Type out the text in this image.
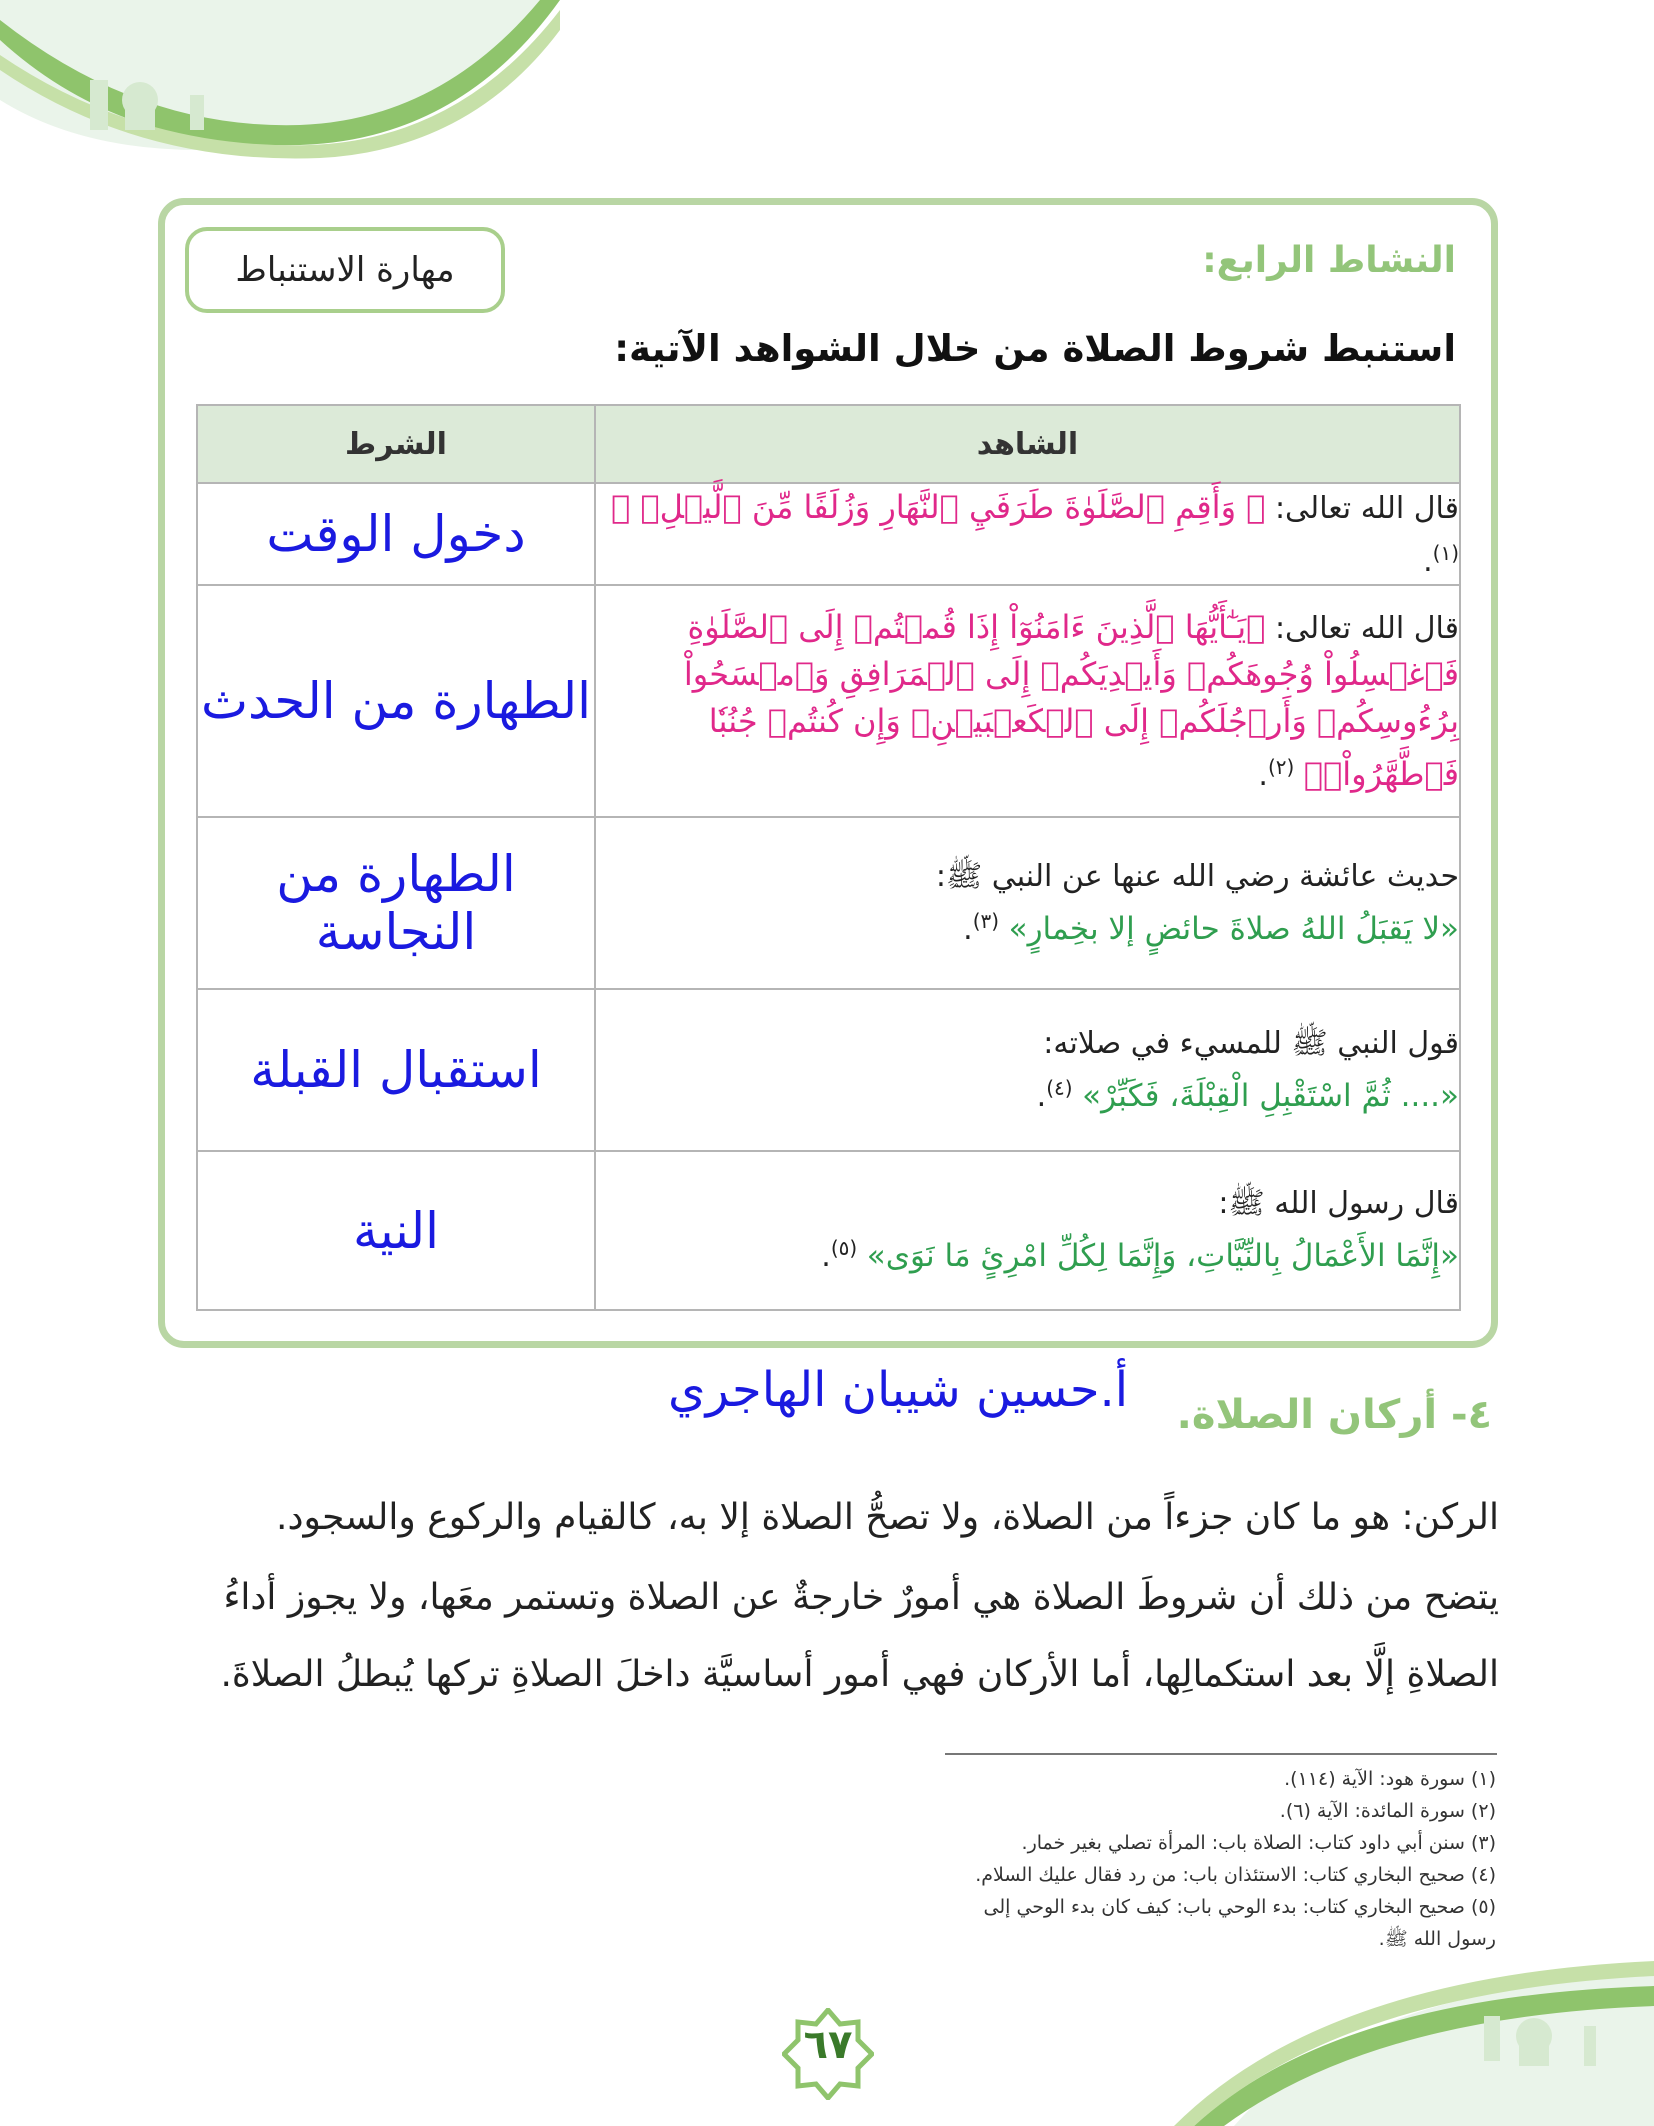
مهارة الاستنباط	النشاط الرابع:
استنبط شروط الصلاة من خلال الشواهد الآتية:
الشاهد	الشرط
قال الله تعالى: ﴿ وَأَقِمِ ٱلصَّلَوٰةَ طَرَفَيِ ٱلنَّهَارِ وَزُلَفًا مِّنَ ٱلَّيۡلِۚ ﴾ $^{(١)}$.	دخول الوقت
قال الله تعالى: ﴿يَـٰٓأَيُّهَا ٱلَّذِينَ ءَامَنُوٓاْ إِذَا قُمۡتُمۡ إِلَى ٱلصَّلَوٰةِ فَٱغۡسِلُواْ وُجُوهَكُمۡ وَأَيۡدِيَكُمۡ إِلَى ٱلۡمَرَافِقِ وَٱمۡسَحُواْ بِرُءُوسِكُمۡ وَأَرۡجُلَكُمۡ إِلَى ٱلۡكَعۡبَيۡنِۚ وَإِن كُنتُمۡ جُنُبٗا فَٱطَّهَّرُواْۚ﴾ $^{(٢)}$.	الطهارة من الحدث

حديث عائشة رضي الله عنها عن النبي ﷺ:
«لا يَقبَلُ اللهُ صلاةَ حائضٍ إلا بخِمارٍ» $^{(٣)}$.	الطهارة من النجاسة

قول النبي ﷺ للمسيء في صلاته:
«.... ثُمَّ اسْتَقْبِلِ الْقِبْلَةَ، فَكَبِّرْ» $^{(٤)}$.	استقبال القبلة

قال رسول الله ﷺ:
«إِنَّمَا الأَعْمَالُ بِالنِّيَّاتِ، وَإِنَّمَا لِكُلِّ امْرِئٍ مَا نَوَى» $^{(٥)}$.	النية
٤- أركان الصلاة.
أ.حسين شيبان الهاجري
الركن: هو ما كان جزءاً من الصلاة، ولا تصحُّ الصلاة إلا به، كالقيام والركوع والسجود.
يتضح من ذلك أن شروطَ الصلاة هي أمورٌ خارجةٌ عن الصلاة وتستمر معَها، ولا يجوز أداءُ
الصلاةِ إلَّا بعد استكمالِها، أما الأركان فهي أمور أساسيَّة داخلَ الصلاةِ تركها يُبطلُ الصلاةَ.
(١) سورة هود: الآية (١١٤).
(٢) سورة المائدة: الآية (٦).
(٣) سنن أبي داود كتاب: الصلاة باب: المرأة تصلي بغير خمار.
(٤) صحيح البخاري كتاب: الاستئذان باب: من رد فقال عليك السلام.
(٥) صحيح البخاري كتاب: بدء الوحي باب: كيف كان بدء الوحي إلى رسول الله ﷺ.
٦٧
